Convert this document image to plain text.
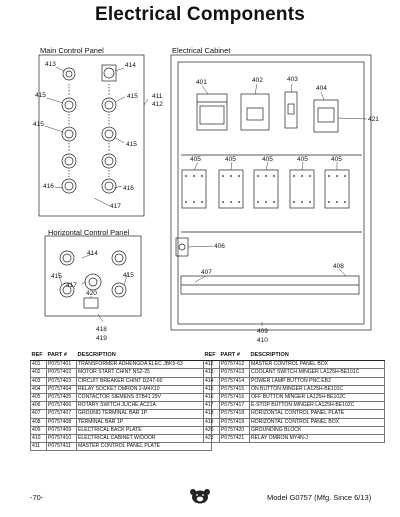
Electrical Components
Main Control Panel	Electrical Cabinet
Horizontal Control Panel
413	414
415	415
415
415
411
412
416	416
417
401	402	403
404
421
405	405	405	405	405
406
407
408
414
415	415
417
420
418
419
409
410
REF	PART #	DESCRIPTION
401	P0757401	TRANSFORMER ADHENGDA ELEC JBK5-63
402	P0757402	MOTOR START CHINT NS2-25
403	P0757403	CIRCUIT BREAKER CHINT DZ47-60
404	P0757404	RELAY SOCKET OMRON 2-M4X10
405	P0757405	CONTACTOR SIEMENS 3TB41 29V
406	P0757406	ROTARY SWITCH JUCHE AC21A
407	P0757407	GROUND TERMINAL BAR 1P
408	P0757408	TERMINAL BAR 1P
409	P0757409	ELECTRICAL BACK PLATE
410	P0757410	ELECTRICAL CABINET W/DOOR
411	P0757411	MASTER CONTROL PANEL PLATE
REF	PART #	DESCRIPTION
412	P0757412	MASTER CONTROL PANEL BOX
413	P0757413	COOLANT SWITCH MINGER LA125H-BE101C
414	P0757414	POWER LAMP BUTTON PNC EB2
415	P0757415	ON BUTTON MINGER LA125H-BE101C
416	P0757416	OFF BUTTON MINGER LA125H-BE102C
417	P0757417	E-STOP BUTTON MINGER LA125H-BE102C
418	P0757418	HORIZONTAL CONTROL PANEL PLATE
419	P0757419	HORIZONTAL CONTROL PANEL BOX
420	P0757420	GROUNDING BLOCK
421	P0757421	RELAY OMRON MY4N-J
-70-	Model G0757 (Mfg. Since 6/13)
